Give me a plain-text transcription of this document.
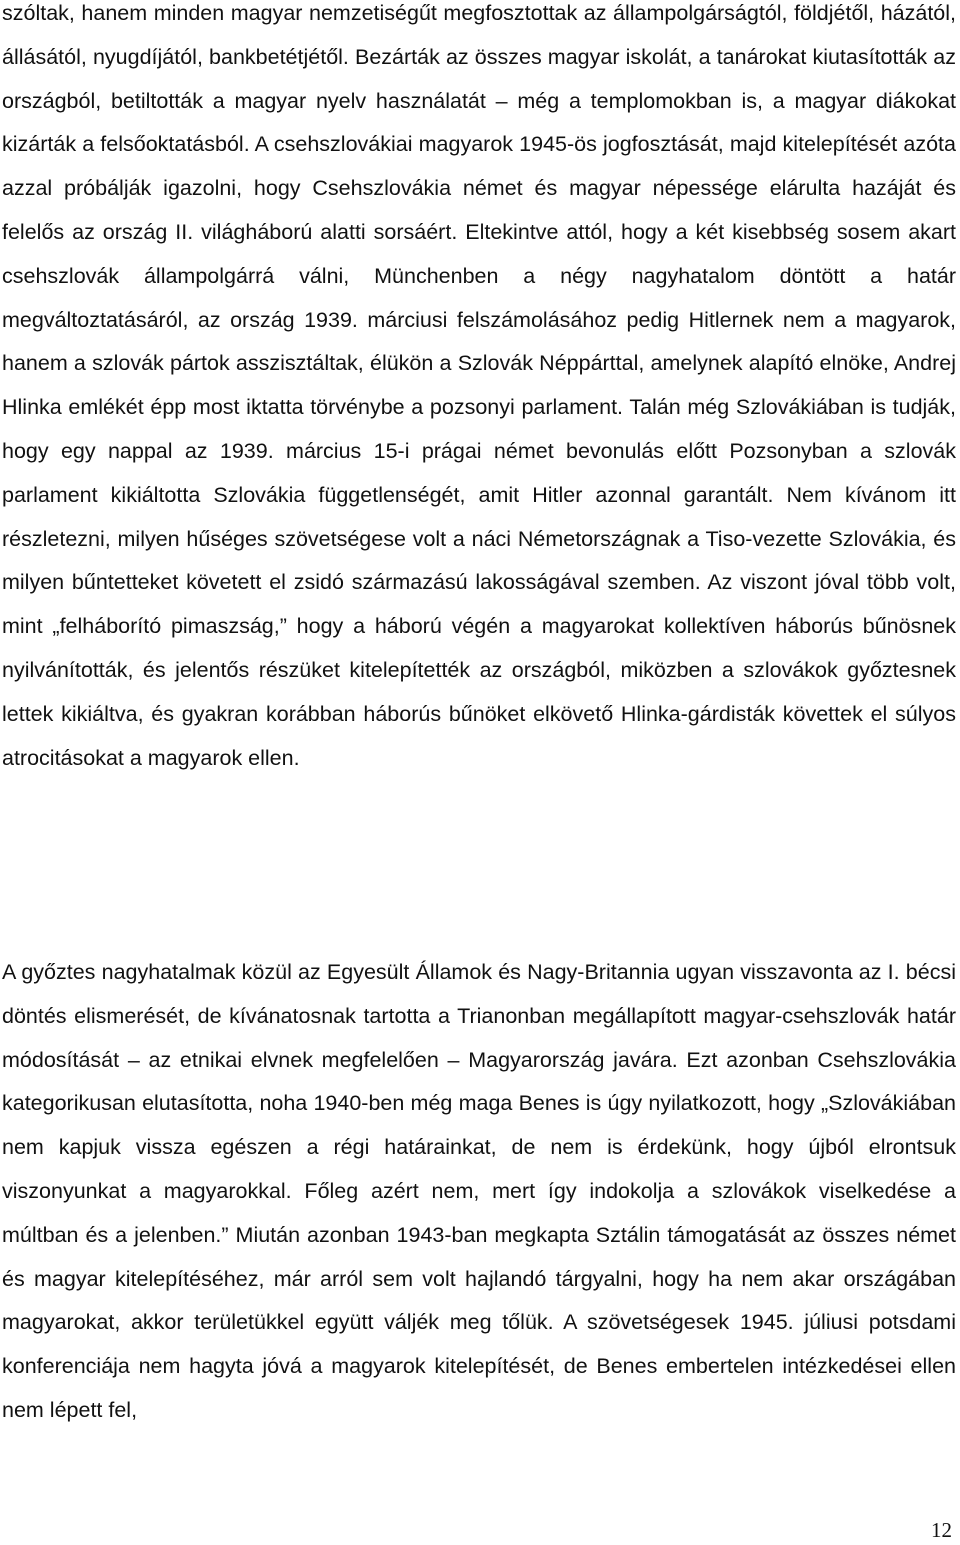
szóltak, hanem minden magyar nemzetiségűt megfosztottak az állampolgárságtól, földjétől, házától, állásától, nyugdíjától, bankbetétjétől. Bezárták az összes magyar iskolát, a tanárokat kiutasították az országból, betiltották a magyar nyelv használatát – még a templomokban is, a magyar diákokat kizárták a felsőoktatásból. A csehszlovákiai magyarok 1945-ös jogfosztását, majd kitelepítését azóta azzal próbálják igazolni, hogy Csehszlovákia német és magyar népessége elárulta hazáját és felelős az ország II. világháború alatti sorsáért. Eltekintve attól, hogy a két kisebbség sosem akart csehszlovák állampolgárrá válni, Münchenben a négy nagyhatalom döntött a határ megváltoztatásáról, az ország 1939. márciusi felszámolásához pedig Hitlernek nem a magyarok, hanem a szlovák pártok asszisztáltak, élükön a Szlovák Néppárttal, amelynek alapító elnöke, Andrej Hlinka emlékét épp most iktatta törvénybe a pozsonyi parlament. Talán még Szlovákiában is tudják, hogy egy nappal az 1939. március 15-i prágai német bevonulás előtt Pozsonyban a szlovák parlament kikiáltotta Szlovákia függetlenségét, amit Hitler azonnal garantált. Nem kívánom itt részletezni, milyen hűséges szövetségese volt a náci Németországnak a Tiso-vezette Szlovákia, és milyen bűntetteket követett el zsidó származású lakosságával szemben. Az viszont jóval több volt, mint „felháborító pimaszság,” hogy a háború végén a magyarokat kollektíven háborús bűnösnek nyilvánították, és jelentős részüket kitelepítették az országból, miközben a szlovákok győztesnek lettek kikiáltva, és gyakran korábban háborús bűnöket elkövető Hlinka-gárdisták követtek el súlyos atrocitásokat a magyarok ellen.
A győztes nagyhatalmak közül az Egyesült Államok és Nagy-Britannia ugyan visszavonta az I. bécsi döntés elismerését, de kívánatosnak tartotta a Trianonban megállapított magyar-csehszlovák határ módosítását – az etnikai elvnek megfelelően – Magyarország javára. Ezt azonban Csehszlovákia kategorikusan elutasította, noha 1940-ben még maga Benes is úgy nyilatkozott, hogy „Szlovákiában nem kapjuk vissza egészen a régi határainkat, de nem is érdekünk, hogy újból elrontsuk viszonyunkat a magyarokkal. Főleg azért nem, mert így indokolja a szlovákok viselkedése a múltban és a jelenben.” Miután azonban 1943-ban megkapta Sztálin támogatását az összes német és magyar kitelepítéséhez, már arról sem volt hajlandó tárgyalni, hogy ha nem akar országában magyarokat, akkor területükkel együtt váljék meg tőlük. A szövetségesek 1945. júliusi potsdami konferenciája nem hagyta jóvá a magyarok kitelepítését, de Benes embertelen intézkedései ellen nem lépett fel,
12
